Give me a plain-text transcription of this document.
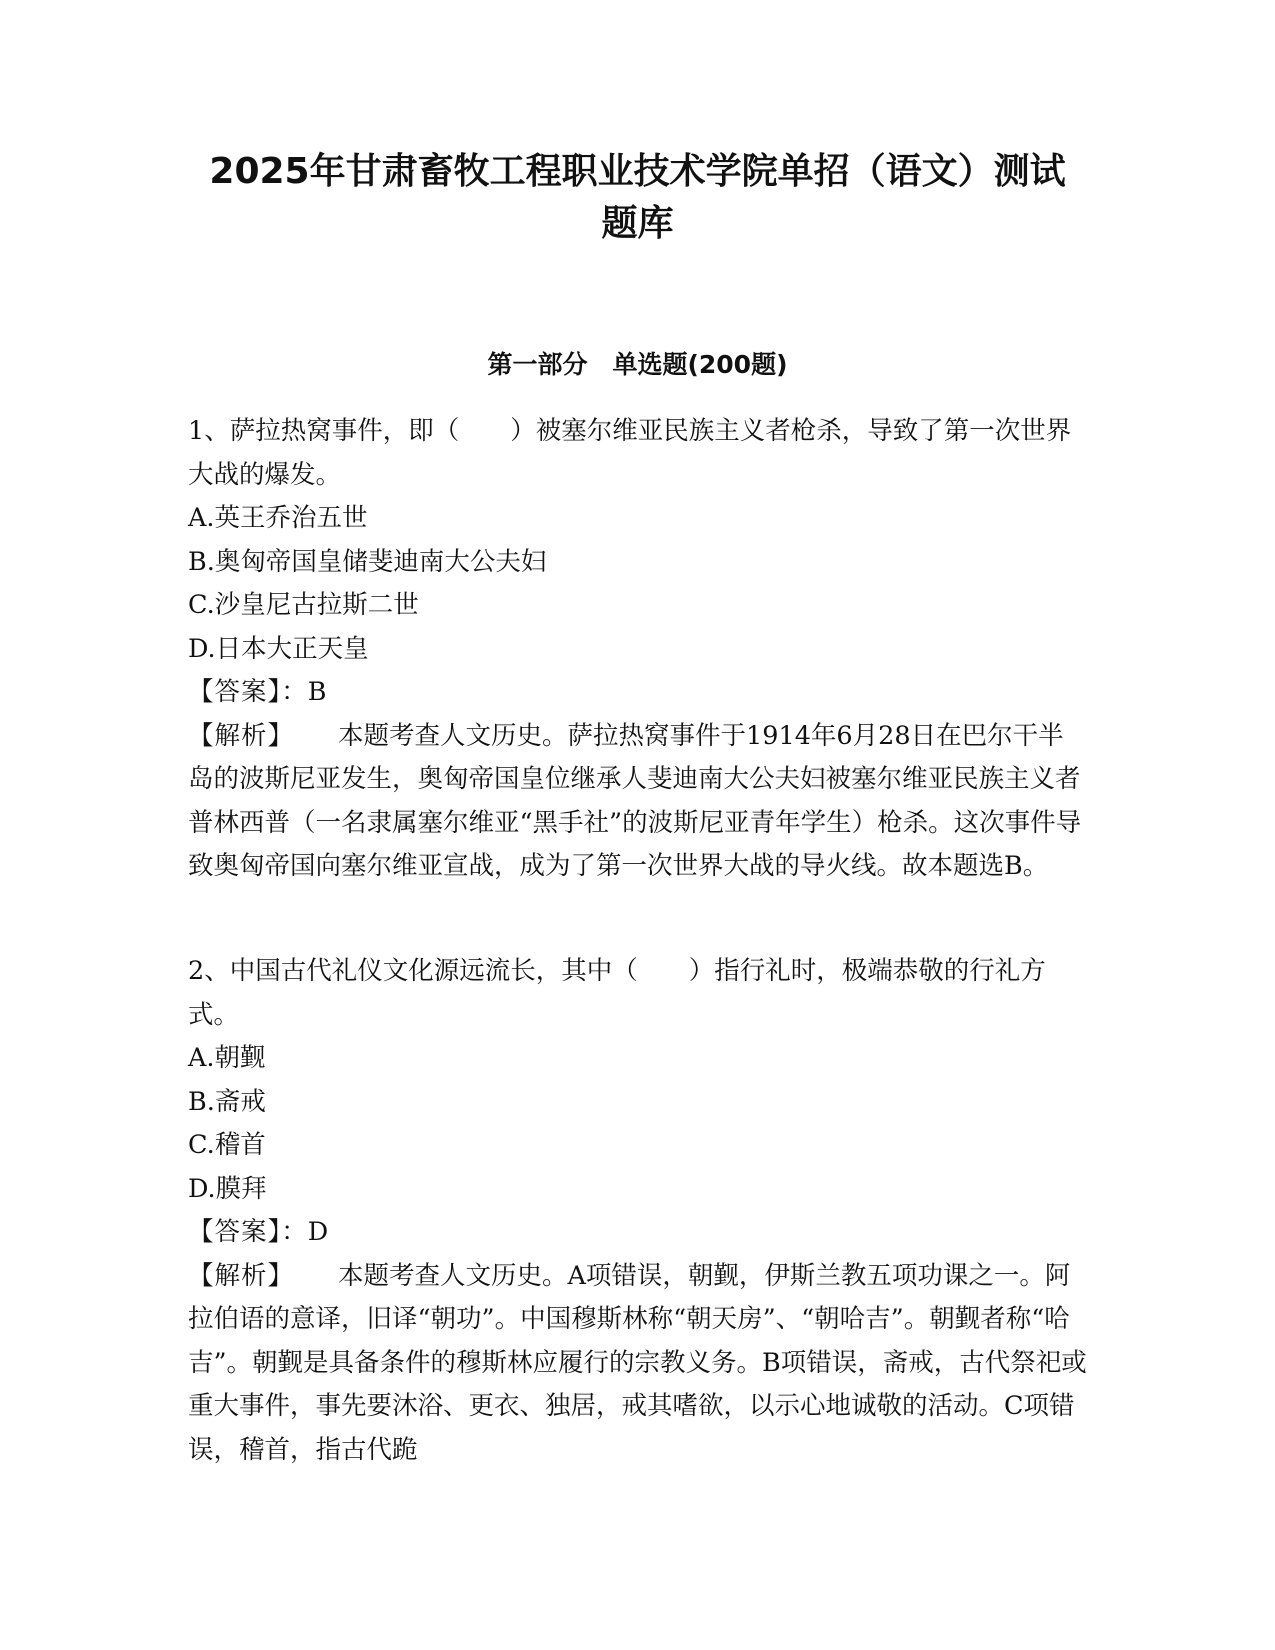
2025年甘肃畜牧工程职业技术学院单招（语文）测试
题库
第一部分　单选题(200题)

1、萨拉热窝事件，即（　　）被塞尔维亚民族主义者枪杀，导致了第一次世界大战的爆发。

A.英王乔治五世

B.奥匈帝国皇储斐迪南大公夫妇

C.沙皇尼古拉斯二世

D.日本大正天皇

【答案】：B

【解析】 本题考查人文历史。萨拉热窝事件于1914年6月28日在巴尔干半岛的波斯尼亚发生，奥匈帝国皇位继承人斐迪南大公夫妇被塞尔维亚民族主义者普林西普（一名隶属塞尔维亚“黑手社”的波斯尼亚青年学生）枪杀。这次事件导致奥匈帝国向塞尔维亚宣战，成为了第一次世界大战的导火线。故本题选B。

2、中国古代礼仪文化源远流长，其中（　　）指行礼时，极端恭敬的行礼方式。

A.朝觐

B.斋戒

C.稽首

D.膜拜

【答案】：D

【解析】 本题考查人文历史。A项错误，朝觐，伊斯兰教五项功课之一。阿拉伯语的意译，旧译“朝功”。中国穆斯林称“朝天房”、“朝哈吉”。朝觐者称“哈吉”。朝觐是具备条件的穆斯林应履行的宗教义务。B项错误，斋戒，古代祭祀或重大事件，事先要沐浴、更衣、独居，戒其嗜欲，以示心地诚敬的活动。C项错误，稽首，指古代跪
